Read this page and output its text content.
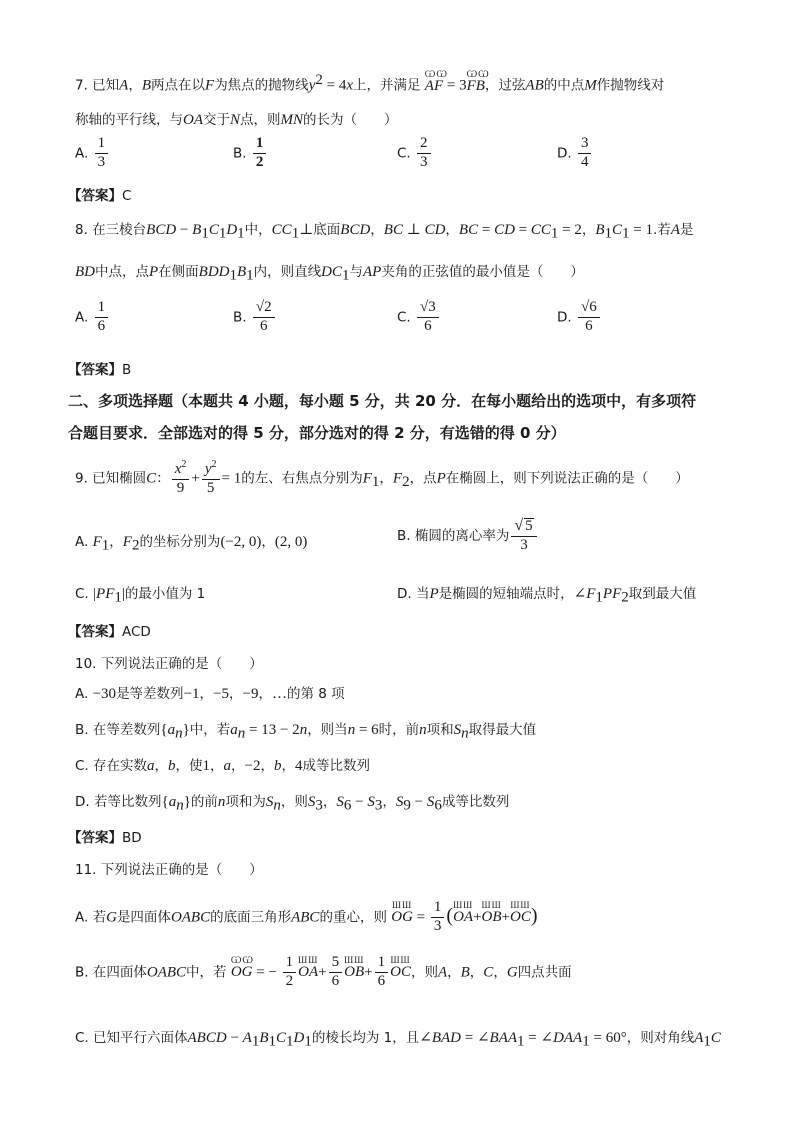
7. 已知A，B两点在以F为焦点的抛物线$y^2 = 4x$上，并满足
ѠѠ
AF = 3
ѠѠ
FB，过弦AB的中点M作抛物线对
称轴的平行线，与OA交于N点，则MN的长为（　　）
A. $\frac{1}{3}$	B. $\frac{1}{2}$	C. $\frac{2}{3}$	D. $\frac{3}{4}$
【答案】C
8. 在三棱台BCD − $B_1C_1D_1$中，$CC_1\perp$底面BCD，BC ⊥ CD，BC = CD = $CC_1 = 2$，$B_1C_1 = 1$.若A是
BD中点，点P在侧面$BDD_1B_1$内，则直线$DC_1$与AP夹角的正弦值的最小值是（　　）
A. $\frac{1}{6}$	B. $\frac{√2}{6}$	C. $\frac{√3}{6}$	D. $\frac{√6}{6}$
【答案】B
二、多项选择题（本题共 4 小题，每小题 5 分，共 20 分．在每小题给出的选项中，有多项符
合题目要求．全部选对的得 5 分，部分选对的得 2 分，有选错的得 0 分）
9. 已知椭圆C： $\frac{x^2}{9} + \frac{y^2}{5} = 1$的左、右焦点分别为$F_1$，$F_2$，点P在椭圆上，则下列说法正确的是（　　）
A. $F_1$，$F_2$的坐标分别为(−2, 0)，(2, 0)	B. 椭圆的离心率为 $\frac{√ 5}{3}$
C. $|PF_1|$的最小值为 1	D. 当P是椭圆的短轴端点时，$\angle F_1PF_2$取到最大值
【答案】ACD
10. 下列说法正确的是（　　）
A. −30是等差数列−1，−5，−9，…的第 8 项
B. 在等差数列$\{a_n\}$中，若$a_n = 13 - 2n$，则当n = 6时，前n项和$S_n$取得最大值
C. 存在实数a，b，使1，a，−2，b，4成等比数列
D. 若等比数列$\{a_n\}$的前n项和为$S_n$，则$S_3$，$S_6 - S_3$，$S_9 - S_6$成等比数列
【答案】BD
11. 下列说法正确的是（　　）
A. 若G是四面体OABC的底面三角形ABC的重心，则
ШШ
OG = $\frac{1}{3}$ ( ШШ
OA+
ШШ
OB+
ШШ
OC)
B. 在四面体OABC中，若
ѠѠ
OG = − $\frac{1}{2}$ ШШ
$OA+ \frac{5}{6}$ ШШ
$OB+ \frac{1}{6}$ ШШ
OC，则A，B，C，G四点共面
C. 已知平行六面体ABCD − $A_1B_1C_1D_1$的棱长均为 1，且∠BAD = $\angle BAA_1$ = $\angle DAA_1 = 60^\circ$，则对角线$A_1C$
